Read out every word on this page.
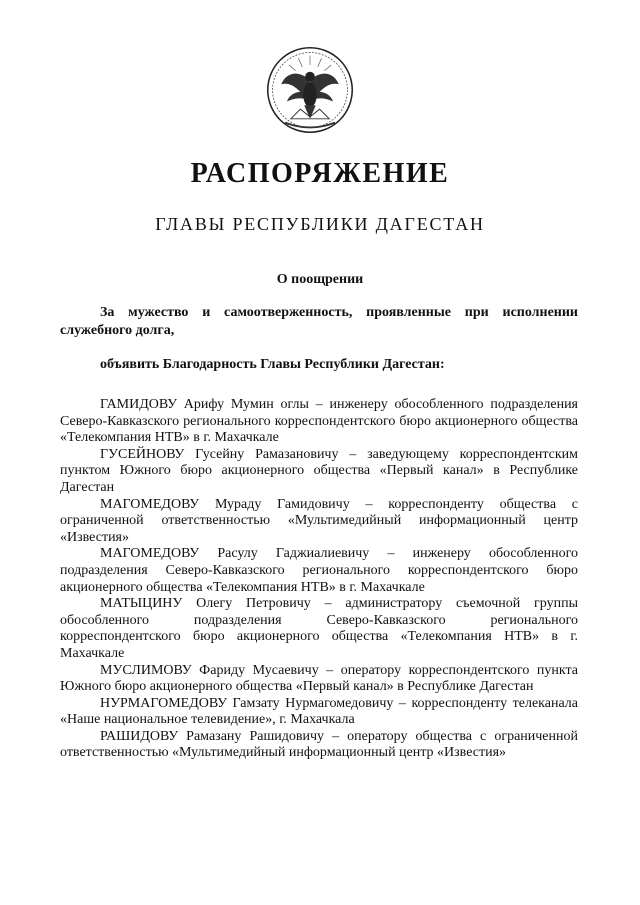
РАСПОРЯЖЕНИЕ
ГЛАВЫ РЕСПУБЛИКИ ДАГЕСТАН
О поощрении
За мужество и самоотверженность, проявленные при исполнении служебного долга,
объявить Благодарность Главы Республики Дагестан:

ГАМИДОВУ Арифу Мумин оглы – инженеру обособленного подразделения Северо-Кавказского регионального корреспондентского бюро акционерного общества «Телекомпания НТВ» в г. Махачкале

ГУСЕЙНОВУ Гусейну Рамазановичу – заведующему корреспондентским пунктом Южного бюро акционерного общества «Первый канал» в Республике Дагестан

МАГОМЕДОВУ Мураду Гамидовичу – корреспонденту общества с ограниченной ответственностью «Мультимедийный информационный центр «Известия»

МАГОМЕДОВУ Расулу Гаджиалиевичу – инженеру обособленного подразделения Северо-Кавказского регионального корреспондентского бюро акционерного общества «Телекомпания НТВ» в г. Махачкале

МАТЫЦИНУ Олегу Петровичу – администратору съемочной группы обособленного подразделения Северо-Кавказского регионального корреспондентского бюро акционерного общества «Телекомпания НТВ» в г. Махачкале

МУСЛИМОВУ Фариду Мусаевичу – оператору корреспондентского пункта Южного бюро акционерного общества «Первый канал» в Республике Дагестан

НУРМАГОМЕДОВУ Гамзату Нурмагомедовичу – корреспонденту телеканала «Наше национальное телевидение», г. Махачкала

РАШИДОВУ Рамазану Рашидовичу – оператору общества с ограниченной ответственностью «Мультимедийный информационный центр «Известия»
